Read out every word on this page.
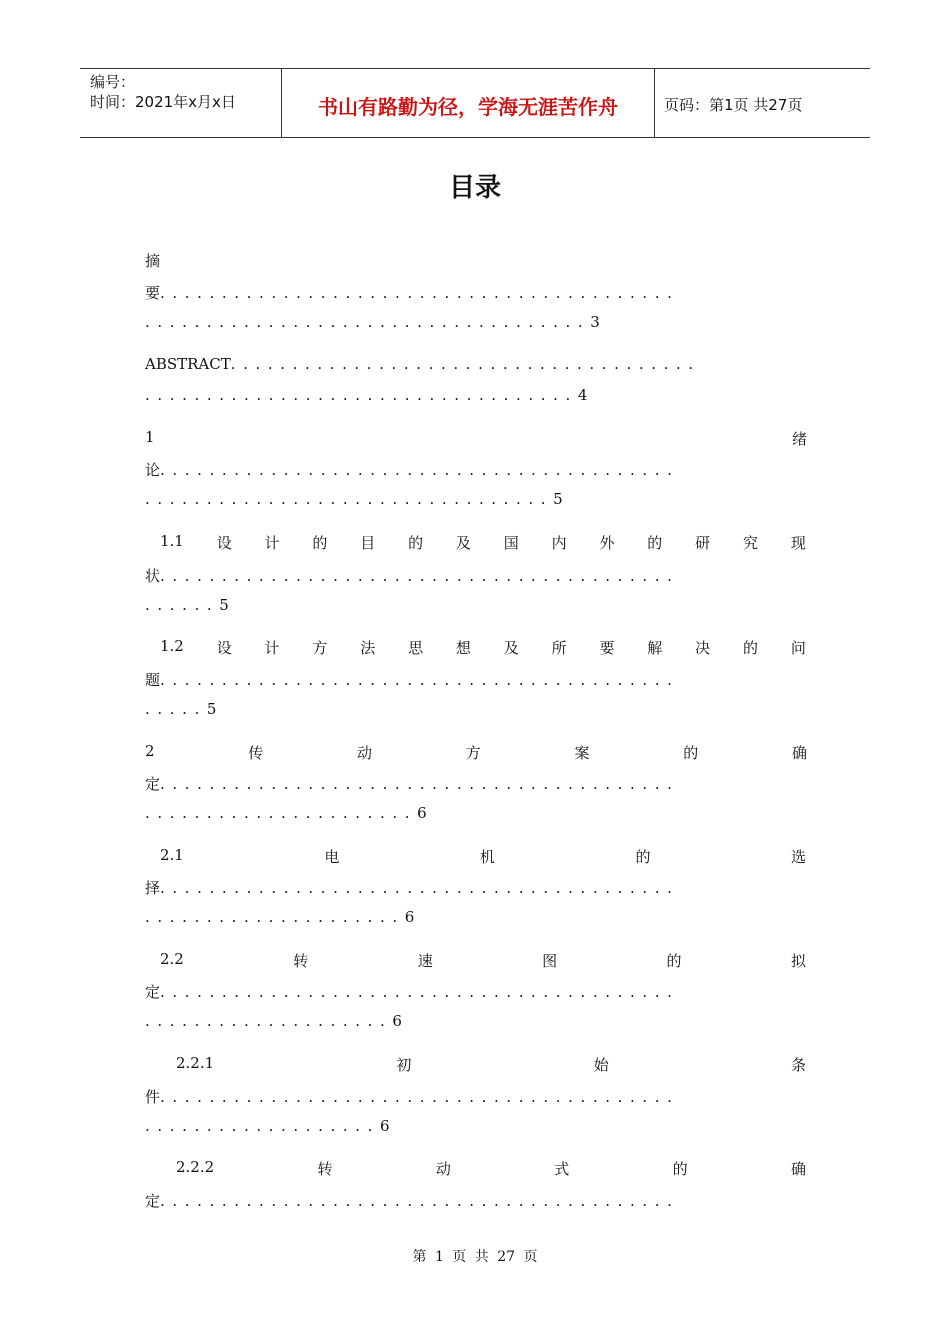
编号：
时间：2021年x月x日	书山有路勤为径，学海无涯苦作舟	页码：第1页 共27页
目录
摘
要..........................................
....................................3
ABSTRACT......................................
...................................4
1	绪
论..........................................
.................................5
1.1 设 计 的 目 的 及 国 内 外 的 研 究 现
状..........................................
......5
1.2 设 计 方 法 思 想 及 所 要 解 决 的 问
题..........................................
.....5
2	传	动	方	案	的	确
定..........................................
......................6
2.1	电	机	的	选
择..........................................
.....................6
2.2	转	速	图	的	拟
定..........................................
....................6
2.2.1	初	始	条
件..........................................
...................6
2.2.2	转	动	式	的	确
定..........................................
第 1 页 共 27 页
